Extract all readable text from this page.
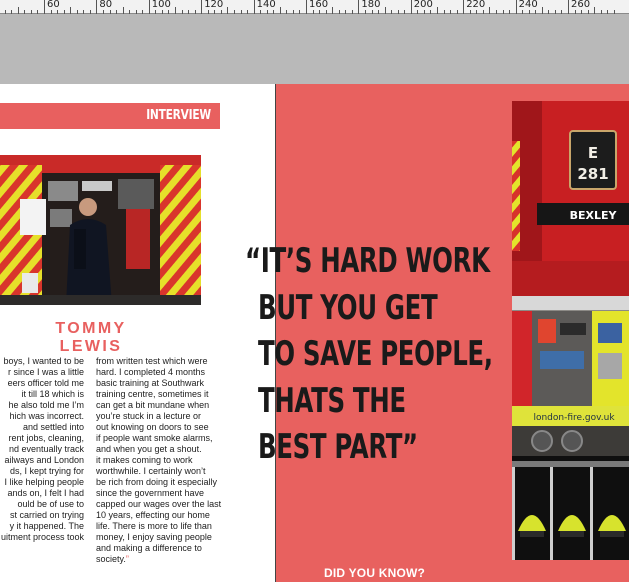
60	80	100	120	140	160	180	200	220	240	260
INTERVIEW
TOMMY LEWIS
boys, I wanted to be
r since I was a little
eers officer told me
it till 18 which is
he also told me I’m
hich was incorrect.
and settled into
rent jobs, cleaning,
nd eventually track
ailways and London
ds, I kept trying for
I like helping people
ands on, I felt I had
ould be of use to
st carried on trying
y it happened. The
uitment process took
from written test which were
hard. I completed 4 months
basic training at Southwark
training centre, sometimes it
can get a bit mundane when
you’re stuck in a lecture or
out knowing on doors to see
if people want smoke alarms,
and when you get a shout.
it makes coming to work
worthwhile. I certainly won’t
be rich from doing it especially
since the government have
capped our wages over the last
10 years, effecting our home
life. There is more to life than
money, I enjoy saving people
and making a difference to
society.”
“IT’S HARD WORK
BUT YOU GET
TO SAVE PEOPLE,
THATS THE
BEST PART”
E
281
BEXLEY
london-fire.gov.uk
DID YOU KNOW?
